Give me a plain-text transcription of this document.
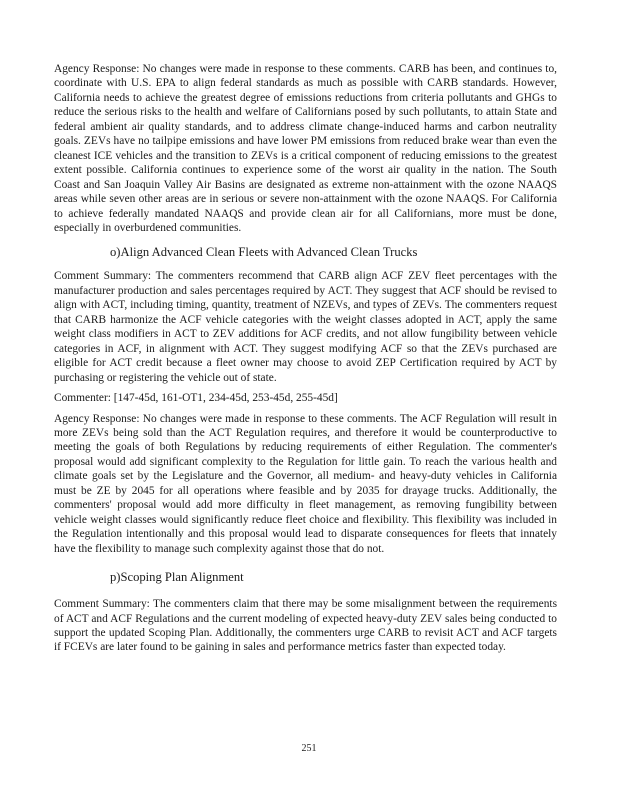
Agency Response: No changes were made in response to these comments. CARB has been, and continues to, coordinate with U.S. EPA to align federal standards as much as possible with CARB standards. However, California needs to achieve the greatest degree of emissions reductions from criteria pollutants and GHGs to reduce the serious risks to the health and welfare of Californians posed by such pollutants, to attain State and federal ambient air quality standards, and to address climate change-induced harms and carbon neutrality goals. ZEVs have no tailpipe emissions and have lower PM emissions from reduced brake wear than even the cleanest ICE vehicles and the transition to ZEVs is a critical component of reducing emissions to the greatest extent possible. California continues to experience some of the worst air quality in the nation. The South Coast and San Joaquin Valley Air Basins are designated as extreme non-attainment with the ozone NAAQS areas while seven other areas are in serious or severe non-attainment with the ozone NAAQS. For California to achieve federally mandated NAAQS and provide clean air for all Californians, more must be done, especially in overburdened communities.

o)Align Advanced Clean Fleets with Advanced Clean Trucks

Comment Summary: The commenters recommend that CARB align ACF ZEV fleet percentages with the manufacturer production and sales percentages required by ACT. They suggest that ACF should be revised to align with ACT, including timing, quantity, treatment of NZEVs, and types of ZEVs. The commenters request that CARB harmonize the ACF vehicle categories with the weight classes adopted in ACT, apply the same weight class modifiers in ACT to ZEV additions for ACF credits, and not allow fungibility between vehicle categories in ACF, in alignment with ACT. They suggest modifying ACF so that the ZEVs purchased are eligible for ACT credit because a fleet owner may choose to avoid ZEP Certification required by ACT by purchasing or registering the vehicle out of state.

Commenter: [147-45d, 161-OT1, 234-45d, 253-45d, 255-45d]

Agency Response: No changes were made in response to these comments. The ACF Regulation will result in more ZEVs being sold than the ACT Regulation requires, and therefore it would be counterproductive to meeting the goals of both Regulations by reducing requirements of either Regulation. The commenter's proposal would add significant complexity to the Regulation for little gain. To reach the various health and climate goals set by the Legislature and the Governor, all medium- and heavy-duty vehicles in California must be ZE by 2045 for all operations where feasible and by 2035 for drayage trucks. Additionally, the commenters' proposal would add more difficulty in fleet management, as removing fungibility between vehicle weight classes would significantly reduce fleet choice and flexibility. This flexibility was included in the Regulation intentionally and this proposal would lead to disparate consequences for fleets that innately have the flexibility to manage such complexity against those that do not.

p)Scoping Plan Alignment

Comment Summary: The commenters claim that there may be some misalignment between the requirements of ACT and ACF Regulations and the current modeling of expected heavy-duty ZEV sales being conducted to support the updated Scoping Plan. Additionally, the commenters urge CARB to revisit ACT and ACF targets if FCEVs are later found to be gaining in sales and performance metrics faster than expected today.

251
